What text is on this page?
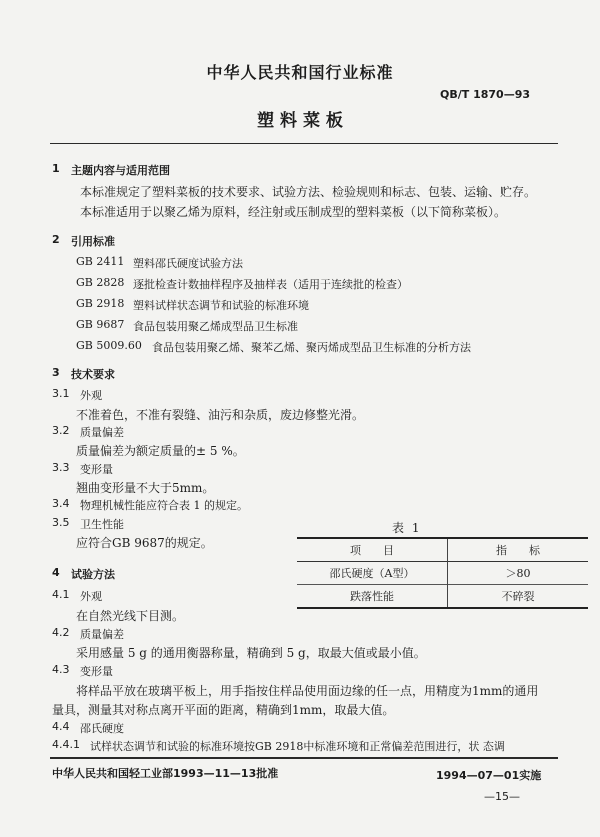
中华人民共和国行业标准
QB/T 1870—93
塑 料 菜 板
1 主题内容与适用范围
本标准规定了塑料菜板的技术要求、试验方法、检验规则和标志、包装、运输、贮存。
本标准适用于以聚乙烯为原料，经注射或压制成型的塑料菜板（以下简称菜板）。
2 引用标准
GB 2411 塑料邵氏硬度试验方法
GB 2828 逐批检查计数抽样程序及抽样表（适用于连续批的检查）
GB 2918 塑料试样状态调节和试验的标准环境
GB 9687 食品包装用聚乙烯成型品卫生标准
GB 5009.60 食品包装用聚乙烯、聚苯乙烯、聚丙烯成型品卫生标准的分析方法
3 技术要求
3.1 外观
不准着色，不准有裂缝、油污和杂质，废边修整光滑。
3.2 质量偏差
质量偏差为额定质量的± 5 %。
3.3 变形量
翘曲变形量不大于5mm。
3.4 物理机械性能应符合表 1 的规定。
3.5 卫生性能
应符合GB 9687的规定。
表 1
项　　目	指　　标
邵氏硬度（A型）	＞80
跌落性能	不碎裂
4 试验方法
4.1 外观
在自然光线下目测。
4.2 质量偏差
采用感量 5 g 的通用衡器称量，精确到 5 g，取最大值或最小值。
4.3 变形量
将样品平放在玻璃平板上，用手指按住样品使用面边缘的任一点，用精度为1mm的通用
量具，测量其对称点离开平面的距离，精确到1mm，取最大值。
4.4 邵氏硬度
4.4.1 试样状态调节和试验的标准环境按GB 2918中标准环境和正常偏差范围进行，状 态调
中华人民共和国轻工业部1993—11—13批准	1994—07—01实施
—15—
